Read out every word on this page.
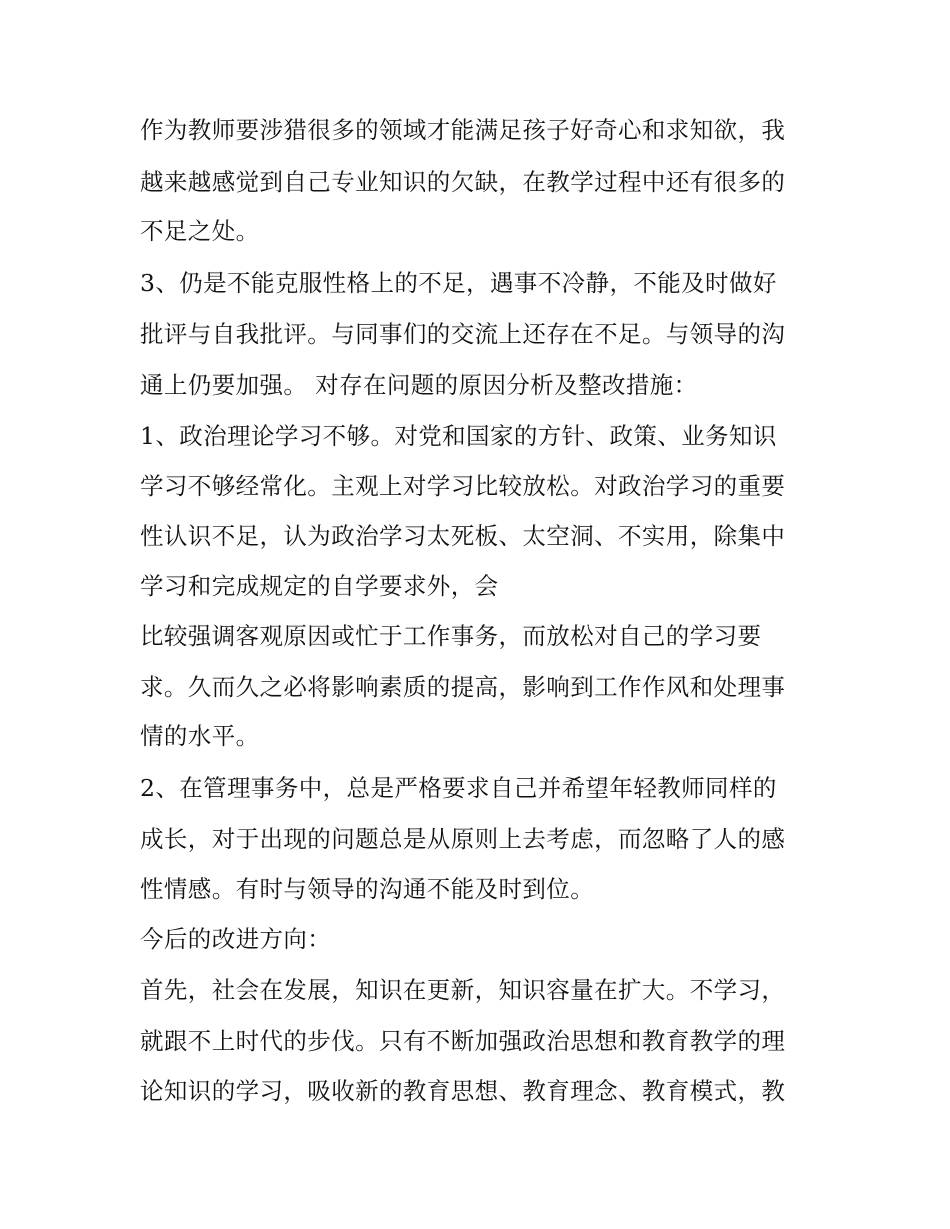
作为教师要涉猎很多的领域才能满足孩子好奇心和求知欲，我
越来越感觉到自己专业知识的欠缺，在教学过程中还有很多的
不足之处。
3、仍是不能克服性格上的不足，遇事不冷静，不能及时做好
批评与自我批评。与同事们的交流上还存在不足。与领导的沟
通上仍要加强。 对存在问题的原因分析及整改措施：
1、政治理论学习不够。对党和国家的方针、政策、业务知识
学习不够经常化。主观上对学习比较放松。对政治学习的重要
性认识不足，认为政治学习太死板、太空洞、不实用，除集中
学习和完成规定的自学要求外，会
比较强调客观原因或忙于工作事务，而放松对自己的学习要
求。久而久之必将影响素质的提高，影响到工作作风和处理事
情的水平。
2、在管理事务中，总是严格要求自己并希望年轻教师同样的
成长，对于出现的问题总是从原则上去考虑，而忽略了人的感
性情感。有时与领导的沟通不能及时到位。
今后的改进方向：
首先，社会在发展，知识在更新，知识容量在扩大。不学习，
就跟不上时代的步伐。只有不断加强政治思想和教育教学的理
论知识的学习，吸收新的教育思想、教育理念、教育模式，教
